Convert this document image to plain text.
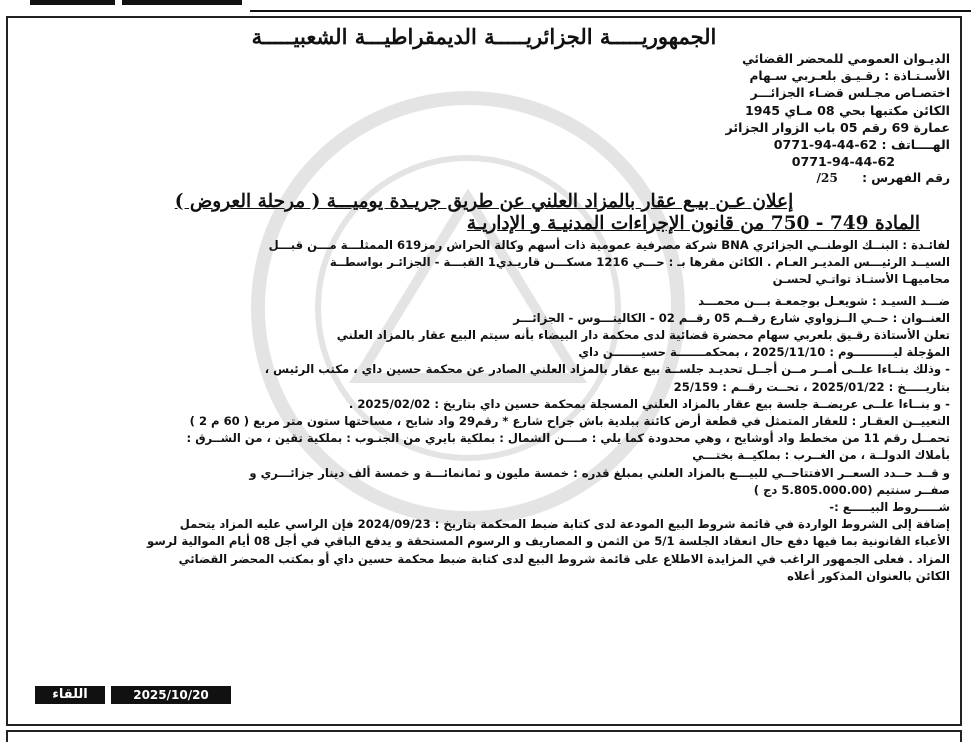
الجمهوريـــــة الجزائريـــــة الديمقراطيـــة الشعبيـــــة
الديـوان العمومي للمحضر القضائي
الأسـتـاذة : رقـيـق بلعـربي سـهام
اختصـاص مجـلس قضـاء الجزائـــر
الكائن مكتبها بحي 08 مـاي 1945
عمارة 69 رقم 05 باب الزوار الجزائر
الهــــاتف : 62-44-94-0771
0771-94-44-62
رقم الفهرس : 25/
إعلان عـن بيـع عقار بالمزاد العلني عن طريق جريـدة يوميـــة ( مرحلة العروض )
المادة 749 - 750 من قانون الإجراءات المدنيـة و الإداريـة
لفائـدة : البنــك الوطنــي الجزائري BNA شركة مصرفية عمومية ذات أسهم وكالة الحراش رمز619 الممثلـــة مـــن قبـــل
السيــد الرئيـــس المديـر العـام . الكائن مقرها بـ : حـــي 1216 مسكـــن قاريـدي1 القبـــة - الجزائـر بواسطــة
محاميهـا الأستـاذ تواتـي لحسـن
ضـــد السيـد : شويعـل بوجمعـة بـــن محمـــد
العنــوان : حــي الــزواوي شارع رقــم 05 رقــم 02 - الكاليتـــوس - الجزائـــر
تعلن الأستاذة رقـيق بلعربي سهام محضرة قضائية لدى محكمة دار البيضاء بأنه سيتم البيع عقار بالمزاد العلني
المؤجلة ليــــــــــوم : 2025/11/10 ، بمحكمـــــــة حسيـــــــن داي
- وذلك بنــاءا علــى أمــر مــن أجــل تحديـد جلســة بيع عقار بالمزاد العلني الصادر عن محكمة حسين داي ، مكتب الرئيس ،
بتاريـــــخ : 2025/01/22 ، تحــت رقــم : 25/159
- و بنــاءا علــى عريضــة جلسة بيع عقار بالمزاد العلني المسجلة بمحكمة حسين داي بتاريخ : 2025/02/02 .
التعييــن العقـار : للعقار المتمثل في قطعة أرض كائنة ببلدية باش جراح شارع * رقم29 واد شايح ، مساحتها ستون متر مربع ( 60 م 2 )
تحمــل رقم 11 من مخطط واد أوشايح ، وهي محدودة كما يلي : مــــن الشمال : بملكية بايري من الجنـوب : بملكية تقين ، من الشــرق :
بأملاك الدولــة ، من الغــرب : بملكيــة بختـــي
و قــد حــدد السعــر الافتتاحــي للبيـــع بالمزاد العلني بمبلغ قدره : خمسة مليون و ثمانمائـــة و خمسة ألف دينار جزائـــري و
صفــر سنتيم (5.805.000.00 دج )
شـــــروط البيـــــع :-
إضافة إلى الشروط الواردة في قائمة شروط البيع المودعة لدى كتابة ضبط المحكمة بتاريخ : 2024/09/23 فإن الراسي عليه المزاد يتحمل
الأعباء القانونية بما فيها دفع حال انعقاد الجلسة 5/1 من الثمن و المصاريف و الرسوم المستحقة و يدفع الباقي في أجل 08 أيام الموالية لرسو
المزاد . فعلى الجمهور الراغب في المزايدة الاطلاع على قائمة شروط البيع لدى كتابة ضبط محكمة حسين داي أو بمكتب المحضر القضائي
الكائن بالعنوان المذكور أعلاه
2025/10/20
اللقاء
